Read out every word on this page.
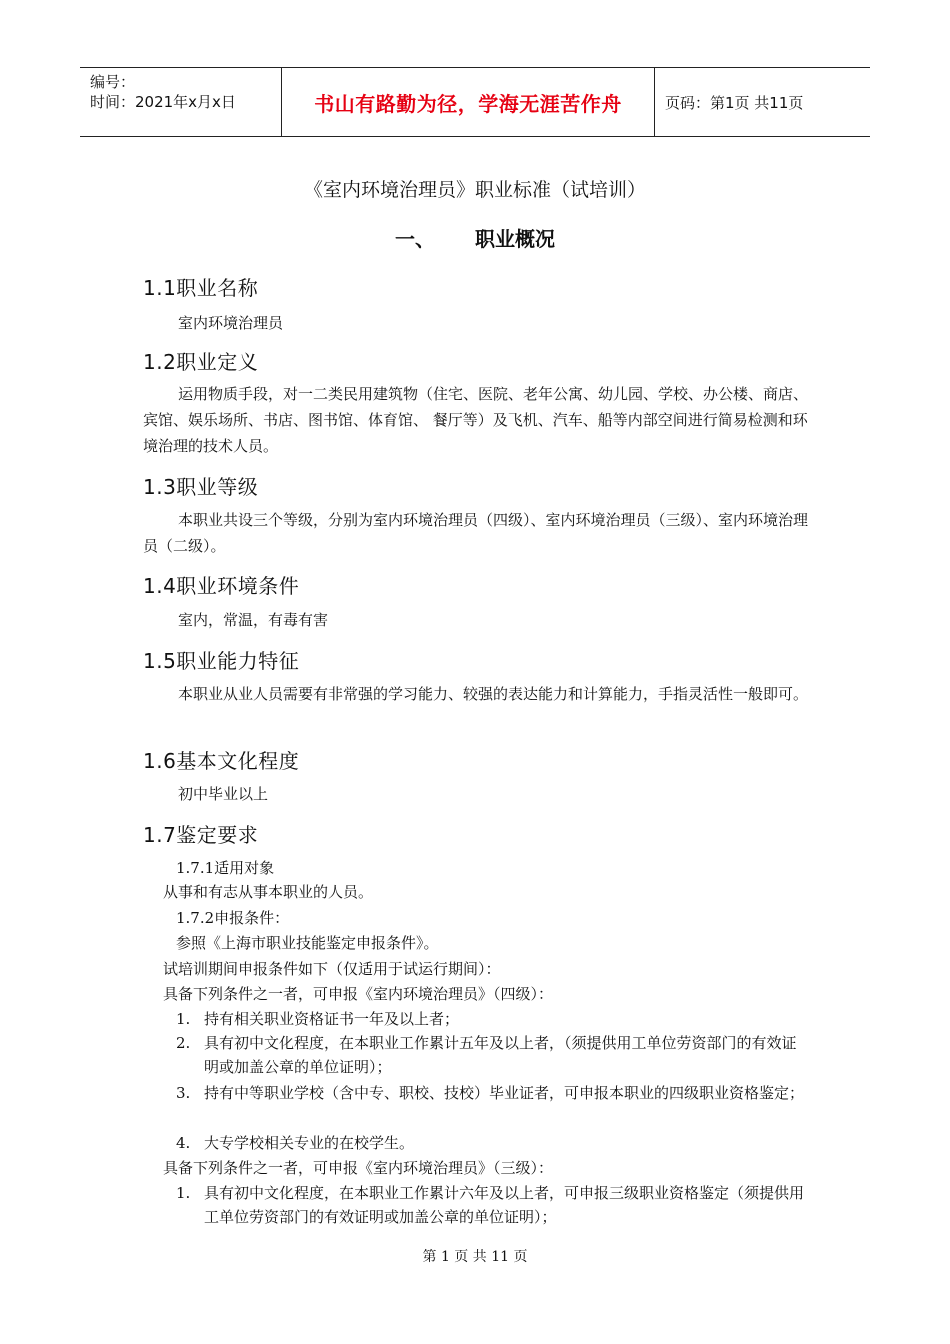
编号：
时间：2021年x月x日	书山有路勤为径，学海无涯苦作舟	页码：第1页 共11页
《室内环境治理员》职业标准（试培训）
一、 职业概况
1.1职业名称

室内环境治理员

1.2职业定义

运用物质手段，对一二类民用建筑物（住宅、医院、老年公寓、幼儿园、学校、办公楼、商店、宾馆、娱乐场所、书店、图书馆、体育馆、 餐厅等）及飞机、汽车、船等内部空间进行简易检测和环境治理的技术人员。

1.3职业等级

本职业共设三个等级，分别为室内环境治理员（四级）、室内环境治理员（三级）、室内环境治理员（二级）。

1.4职业环境条件

室内，常温，有毒有害

1.5职业能力特征

本职业从业人员需要有非常强的学习能力、较强的表达能力和计算能力，手指灵活性一般即可。

1.6基本文化程度

初中毕业以上

1.7鉴定要求
1.7.1适用对象
从事和有志从事本职业的人员。
1.7.2申报条件：
参照《上海市职业技能鉴定申报条件》。
试培训期间申报条件如下（仅适用于试运行期间）：
具备下列条件之一者，可申报《室内环境治理员》（四级）：
1. 持有相关职业资格证书一年及以上者；
2. 具有初中文化程度，在本职业工作累计五年及以上者，（须提供用工单位劳资部门的有效证明或加盖公章的单位证明）；
3. 持有中等职业学校（含中专、职校、技校）毕业证者，可申报本职业的四级职业资格鉴定；
4. 大专学校相关专业的在校学生。
具备下列条件之一者，可申报《室内环境治理员》（三级）：
1. 具有初中文化程度，在本职业工作累计六年及以上者，可申报三级职业资格鉴定（须提供用工单位劳资部门的有效证明或加盖公章的单位证明）；
第 1 页 共 11 页
